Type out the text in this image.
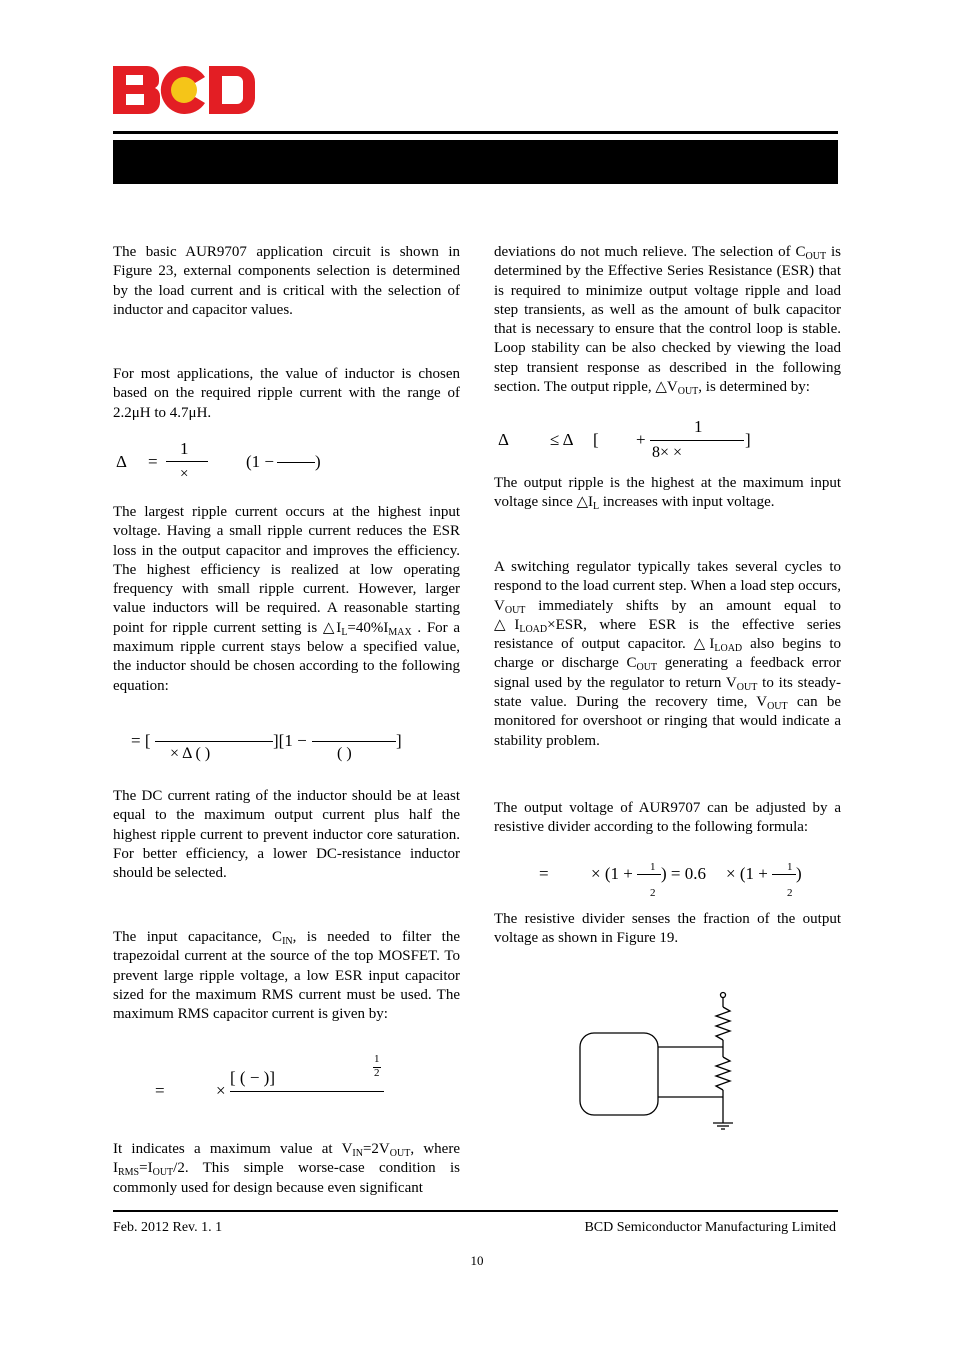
The basic AUR9707 application circuit is shown in Figure 23, external components selection is determined by the load current and is critical with the selection of inductor and capacitor values.

For most applications, the value of inductor is chosen based on the required ripple current with the range of 2.2μH to 4.7μH.

Δ =
1
×
(1 − )

The largest ripple current occurs at the highest input voltage. Having a small ripple current reduces the ESR loss in the output capacitor and improves the efficiency. The highest efficiency is realized at low operating frequency with small ripple current. However, larger value inductors will be required. A reasonable starting point for ripple current setting is $\triangle I_L=40\%I_{MAX}$ . For a maximum ripple current stays below a specified value, the inductor should be chosen according to the following equation:

= [
× Δ ( )
][1 −
( )
]

The DC current rating of the inductor should be at least equal to the maximum output current plus half the highest ripple current to prevent inductor core saturation. For better efficiency, a lower DC-resistance inductor should be selected.

The input capacitance, $C_{IN}$, is needed to filter the trapezoidal current at the source of the top MOSFET. To prevent large ripple voltage, a low ESR input capacitor sized for the maximum RMS current must be used. The maximum RMS capacitor current is given by:

=	×
[ ( − )]
1
2

It indicates a maximum value at $V_{IN}=2V_{OUT}$, where $I_{RMS}=I_{OUT}/2$. This simple worse-case condition is commonly used for design because even significant

deviations do not much relieve. The selection of $C_{OUT}$ is determined by the Effective Series Resistance (ESR) that is required to minimize output voltage ripple and load step transients, as well as the amount of bulk capacitor that is necessary to ensure that the control loop is stable. Loop stability can be also checked by viewing the load step transient response as described in the following section. The output ripple, $\triangle V_{OUT}$, is determined by:

Δ ≤ Δ [ +
1
8× ×
]

The output ripple is the highest at the maximum input voltage since $\triangle I_L$ increases with input voltage.

A switching regulator typically takes several cycles to respond to the load current step. When a load step occurs, $V_{OUT}$ immediately shifts by an amount equal to $\triangle I_{LOAD}\times ESR$, where ESR is the effective series resistance of output capacitor. $\triangle I_{LOAD}$ also begins to charge or discharge $C_{OUT}$ generating a feedback error signal used by the regulator to return $V_{OUT}$ to its steady-state value. During the recovery time, $V_{OUT}$ can be monitored for overshoot or ringing that would indicate a stability problem.

The output voltage of AUR9707 can be adjusted by a resistive divider according to the following formula:

= × (1 + 1
2
) = 0.6 × (1 + 1
2
)

The resistive divider senses the fraction of the output voltage as shown in Figure 19.

Feb. 2012 Rev. 1. 1	BCD Semiconductor Manufacturing Limited
10
